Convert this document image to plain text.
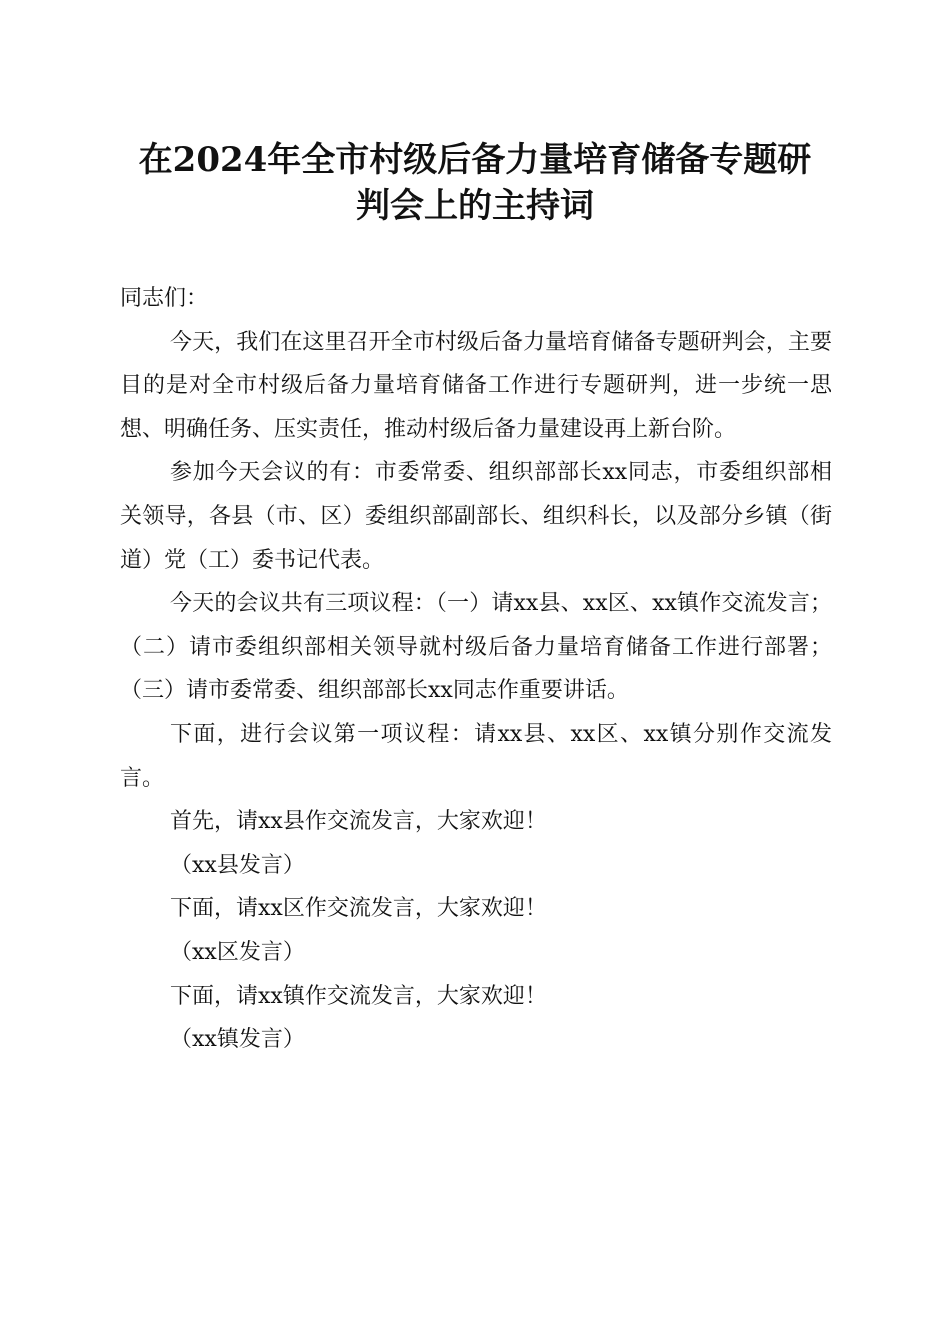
在2024年全市村级后备力量培育储备专题研
判会上的主持词

同志们：

今天，我们在这里召开全市村级后备力量培育储备专题研判会，主要目的是对全市村级后备力量培育储备工作进行专题研判，进一步统一思想、明确任务、压实责任，推动村级后备力量建设再上新台阶。

参加今天会议的有：市委常委、组织部部长xx同志，市委组织部相关领导，各县（市、区）委组织部副部长、组织科长，以及部分乡镇（街道）党（工）委书记代表。

今天的会议共有三项议程：（一）请xx县、xx区、xx镇作交流发言；（二）请市委组织部相关领导就村级后备力量培育储备工作进行部署；（三）请市委常委、组织部部长xx同志作重要讲话。

下面，进行会议第一项议程：请xx县、xx区、xx镇分别作交流发言。

首先，请xx县作交流发言，大家欢迎！

（xx县发言）

下面，请xx区作交流发言，大家欢迎！

（xx区发言）

下面，请xx镇作交流发言，大家欢迎！

（xx镇发言）
